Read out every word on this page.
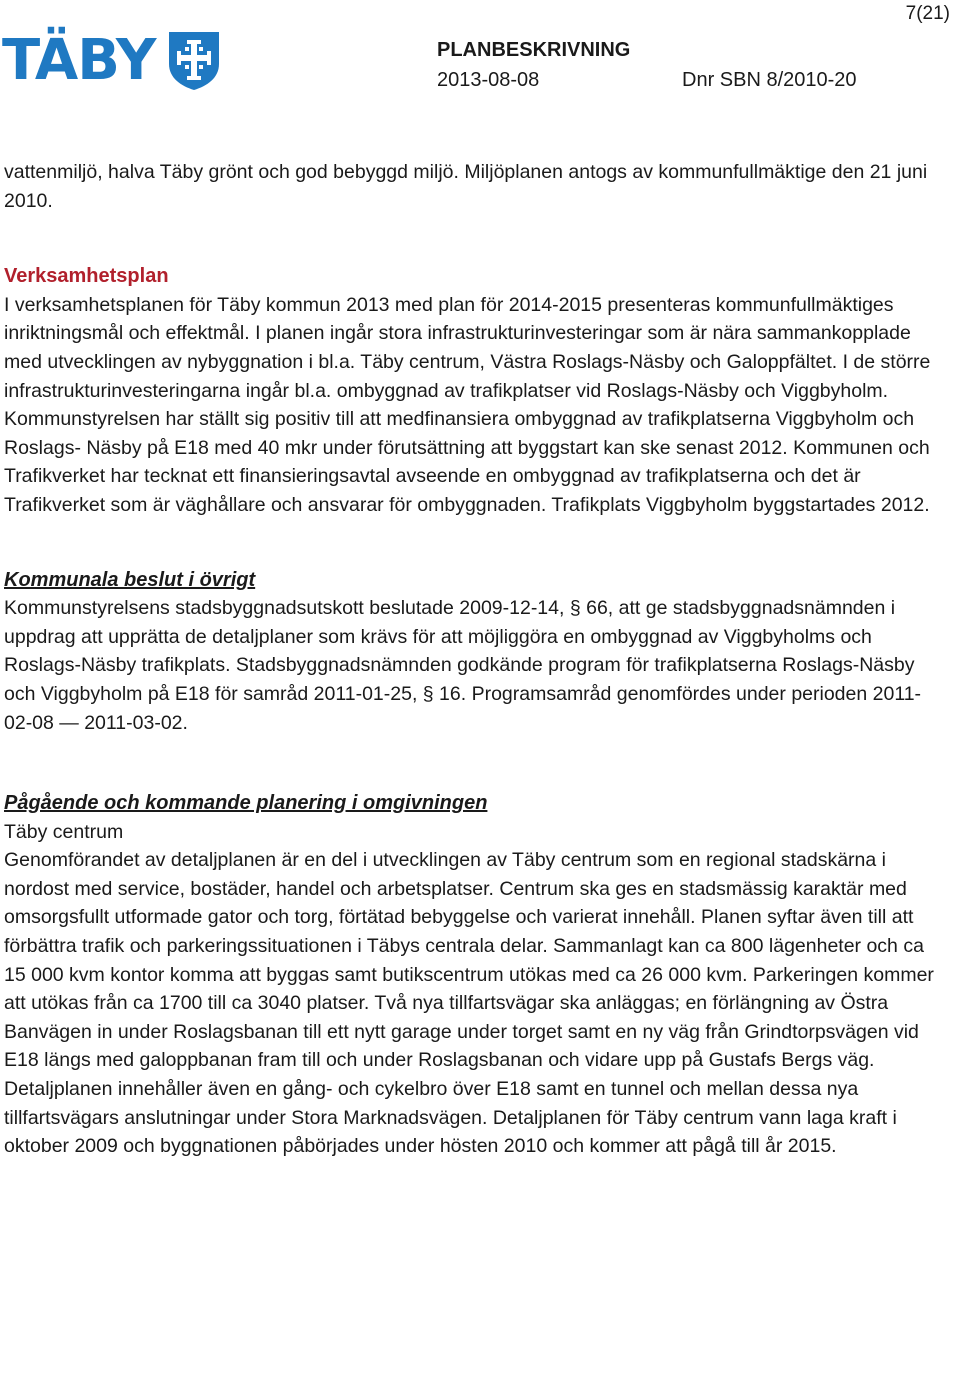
7(21)
TÄBY	PLANBESKRIVNING
2013-08-08	Dnr SBN 8/2010-20

vattenmiljö, halva Täby grönt och god bebyggd miljö. Miljöplanen antogs av kommunfullmäktige den 21 juni 2010.

Verksamhetsplan

I verksamhetsplanen för Täby kommun 2013 med plan för 2014-2015 presenteras kommunfullmäktiges inriktningsmål och effektmål. I planen ingår stora infrastrukturinvesteringar som är nära sammankopplade med utvecklingen av nybyggnation i bl.a. Täby centrum, Västra Roslags-Näsby och Galoppfältet. I de större infrastrukturinvesteringarna ingår bl.a. ombyggnad av trafikplatser vid Roslags-Näsby och Viggbyholm. Kommunstyrelsen har ställt sig positiv till att medfinansiera ombyggnad av trafikplatserna Viggbyholm och Roslags- Näsby på E18 med 40 mkr under förutsättning att byggstart kan ske senast 2012. Kommunen och Trafikverket har tecknat ett finansieringsavtal avseende en ombyggnad av trafikplatserna och det är Trafikverket som är väghållare och ansvarar för ombyggnaden. Trafikplats Viggbyholm byggstartades 2012.

Kommunala beslut i övrigt

Kommunstyrelsens stadsbyggnadsutskott beslutade 2009-12-14, § 66, att ge stadsbyggnadsnämnden i uppdrag att upprätta de detaljplaner som krävs för att möjliggöra en ombyggnad av Viggbyholms och Roslags-Näsby trafikplats. Stadsbyggnadsnämnden godkände program för trafikplatserna Roslags-Näsby och Viggbyholm på E18 för samråd 2011-01-25, § 16. Programsamråd genomfördes under perioden 2011-02-08 — 2011-03-02.

Pågående och kommande planering i omgivningen

Täby centrum

Genomförandet av detaljplanen är en del i utvecklingen av Täby centrum som en regional stadskärna i nordost med service, bostäder, handel och arbetsplatser. Centrum ska ges en stadsmässig karaktär med omsorgsfullt utformade gator och torg, förtätad bebyggelse och varierat innehåll. Planen syftar även till att förbättra trafik och parkeringssituationen i Täbys centrala delar. Sammanlagt kan ca 800 lägenheter och ca 15 000 kvm kontor komma att byggas samt butikscentrum utökas med ca 26 000 kvm. Parkeringen kommer att utökas från ca 1700 till ca 3040 platser. Två nya tillfartsvägar ska anläggas; en förlängning av Östra Banvägen in under Roslagsbanan till ett nytt garage under torget samt en ny väg från Grindtorpsvägen vid E18 längs med galoppbanan fram till och under Roslagsbanan och vidare upp på Gustafs Bergs väg. Detaljplanen innehåller även en gång- och cykelbro över E18 samt en tunnel och mellan dessa nya tillfartsvägars anslutningar under Stora Marknadsvägen. Detaljplanen för Täby centrum vann laga kraft i oktober 2009 och byggnationen påbörjades under hösten 2010 och kommer att pågå till år 2015.
